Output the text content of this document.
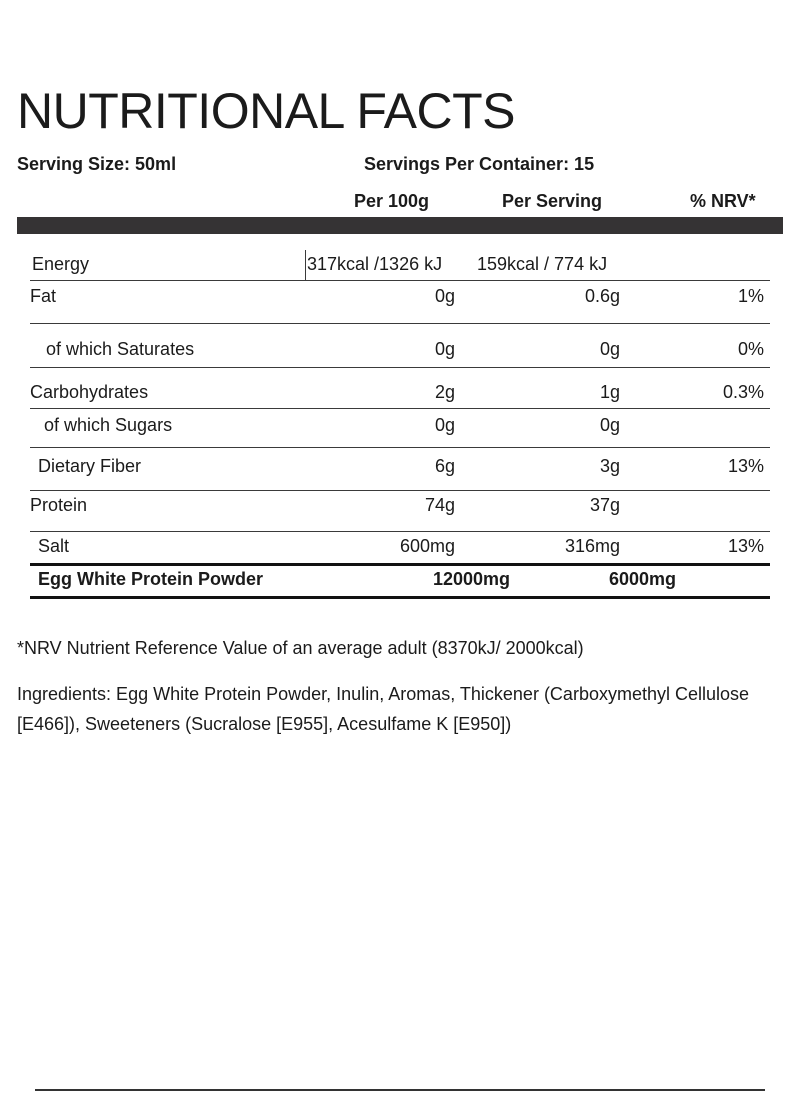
NUTRITIONAL FACTS
Serving Size: 50ml	Servings Per Container: 15
Per 100g	Per Serving	% NRV*
Energy	317kcal /1326 kJ 159kcal / 774 kJ
Fat	0g	0.6g	1%
of which Saturates	0g	0g	0%
Carbohydrates	2g	1g	0.3%
of which Sugars	0g	0g
Dietary Fiber	6g	3g	13%
Protein	74g	37g
Salt	600mg	316mg	13%
Egg White Protein Powder	12000mg	6000mg
*NRV Nutrient Reference Value of an average adult (8370kJ/ 2000kcal)
Ingredients: Egg White Protein Powder, Inulin, Aromas, Thickener (Carboxymethyl Cellulose [E466]), Sweeteners (Sucralose [E955], Acesulfame K [E950])
